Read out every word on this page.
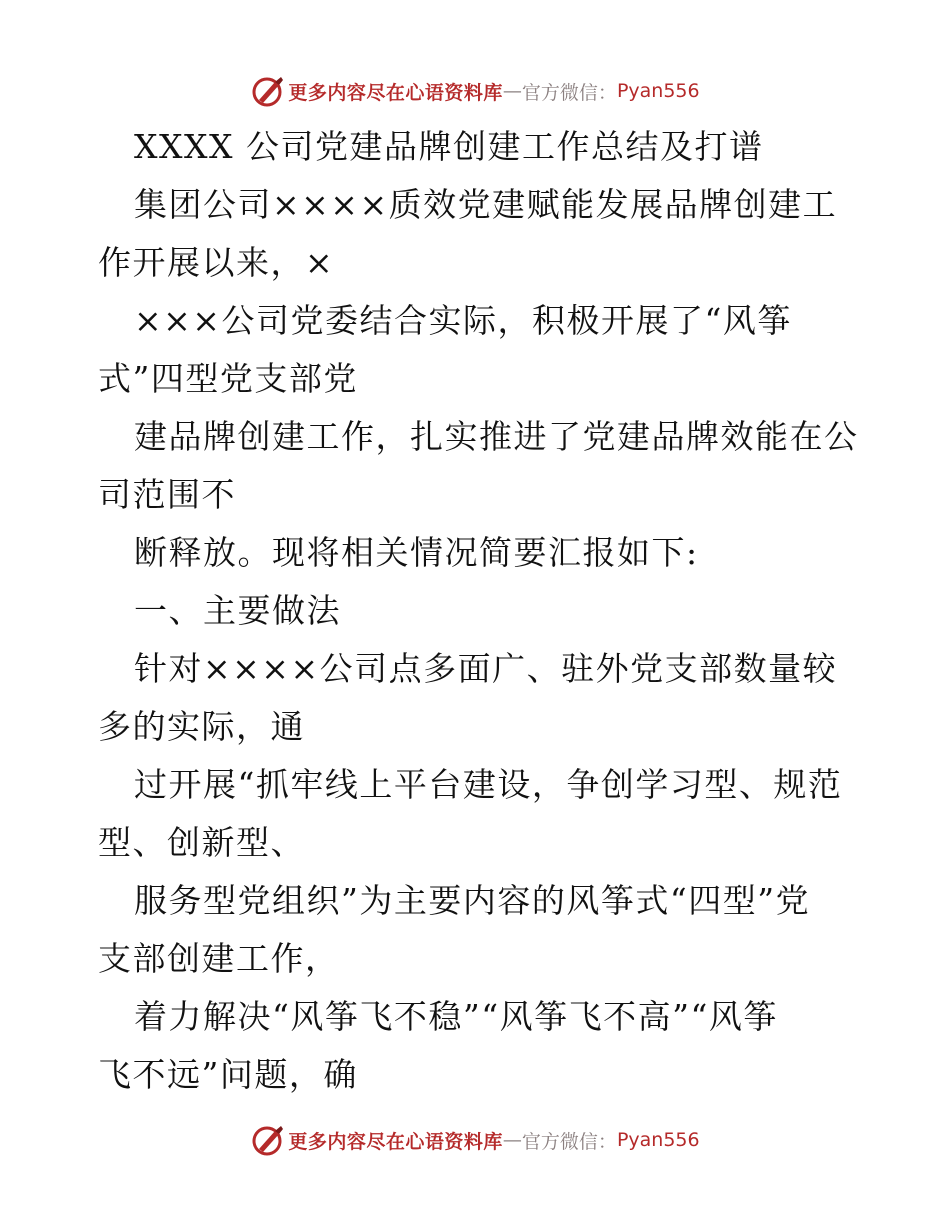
更多内容尽在心语资料库 — 官方微信： Pyan556
XXXX 公司党建品牌创建工作总结及打谱
集团公司××××质效党建赋能发展品牌创建工
作开展以来，×
×××公司党委结合实际，积极开展了“风筝
式”四型党支部党
建品牌创建工作，扎实推进了党建品牌效能在公
司范围不
断释放。现将相关情况简要汇报如下:
一、主要做法
针对××××公司点多面广、驻外党支部数量较
多的实际，通
过开展“抓牢线上平台建设，争创学习型、规范
型、创新型、
服务型党组织”为主要内容的风筝式“四型”党
支部创建工作，
着力解决“风筝飞不稳”“风筝飞不高”“风筝
飞不远”问题，确
更多内容尽在心语资料库 — 官方微信： Pyan556
